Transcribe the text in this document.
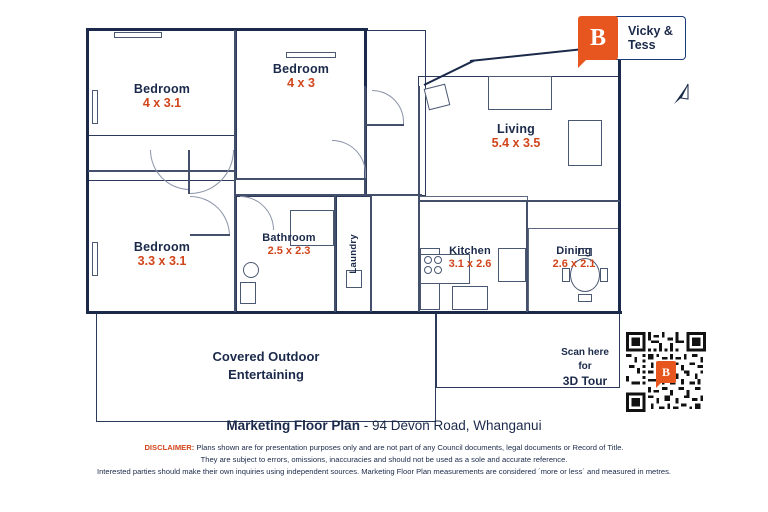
Bedroom
4 x 3.1
Bedroom
4 x 3
Bedroom
3.3 x 3.1
Bathroom
2.5 x 2.3
Living
5.4 x 3.5
Kitchen
3.1 x 2.6
Dining
2.6 x 2.1
Laundry
Covered Outdoor
Entertaining
B	Vicky &
Tess
Scan here
for
3D Tour
B
Marketing Floor Plan - 94 Devon Road, Whanganui
DISCLAIMER: Plans shown are for presentation purposes only and are not part of any Council documents, legal documents or Record of Title.
They are subject to errors, omissions, inaccuracies and should not be used as a sole and accurate reference.
Interested parties should make their own inquiries using independent sources. Marketing Floor Plan measurements are considered ´more or less´ and measured in metres.
